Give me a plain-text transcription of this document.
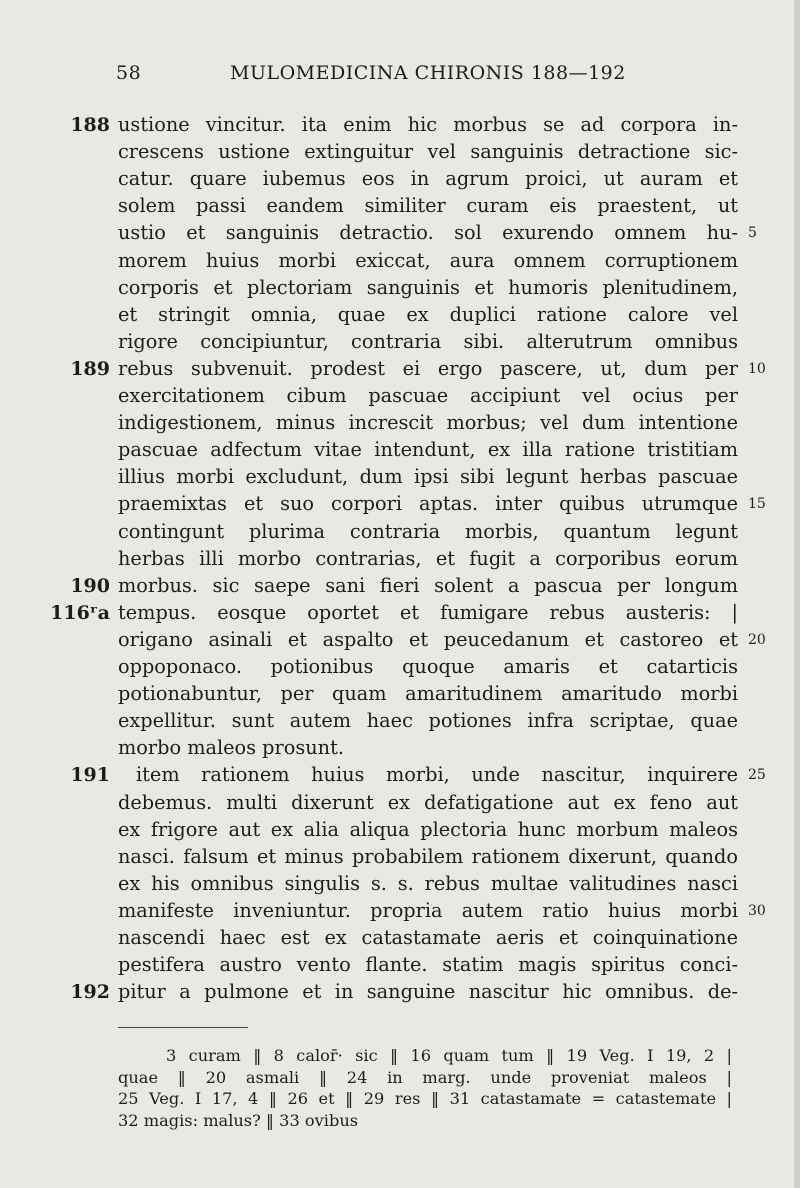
58	MULOMEDICINA CHIRONIS 188—192
188 ustione vincitur. ita enim hic morbus se ad corpora in-
crescens ustione extinguitur vel sanguinis detractione sic-
catur. quare iubemus eos in agrum proici, ut auram et
solem passi eandem similiter curam eis praestent, ut
ustio et sanguinis detractio. sol exurendo omnem hu- 5
morem huius morbi exiccat, aura omnem corruptionem
corporis et plectoriam sanguinis et humoris plenitudinem,
et stringit omnia, quae ex duplici ratione calore vel
rigore concipiuntur, contraria sibi. alterutrum omnibus
189 rebus subvenuit. prodest ei ergo pascere, ut, dum per 10
exercitationem cibum pascuae accipiunt vel ocius per
indigestionem, minus increscit morbus; vel dum intentione
pascuae adfectum vitae intendunt, ex illa ratione tristitiam
illius morbi excludunt, dum ipsi sibi legunt herbas pascuae
praemixtas et suo corpori aptas. inter quibus utrumque 15
contingunt plurima contraria morbis, quantum legunt
herbas illi morbo contrarias, et fugit a corporibus eorum
190 morbus. sic saepe sani fieri solent a pascua per longum
116ʳa tempus. eosque oportet et fumigare rebus austeris: |
origano asinali et aspalto et peucedanum et castoreo et 20
oppoponaco. potionibus quoque amaris et catarticis
potionabuntur, per quam amaritudinem amaritudo morbi
expellitur. sunt autem haec potiones infra scriptae, quae
morbo maleos prosunt.
191 item rationem huius morbi, unde nascitur, inquirere 25
debemus. multi dixerunt ex defatigatione aut ex feno aut
ex frigore aut ex alia aliqua plectoria hunc morbum maleos
nasci. falsum et minus probabilem rationem dixerunt, quando
ex his omnibus singulis s. s. rebus multae valitudines nasci
manifeste inveniuntur. propria autem ratio huius morbi 30
nascendi haec est ex catastamate aeris et coinquinatione
pestifera austro vento flante. statim magis spiritus conci-
192 pitur a pulmone et in sanguine nascitur hic omnibus. de-
3 curam ‖ 8 calor̄· sic ‖ 16 quam tum ‖ 19 Veg. I 19, 2 |
quae ‖ 20 asmali ‖ 24 in marg. unde proveniat maleos |
25 Veg. I 17, 4 ‖ 26 et ‖ 29 res ‖ 31 catastamate = catastemate |
32 magis: malus? ‖ 33 ovibus
